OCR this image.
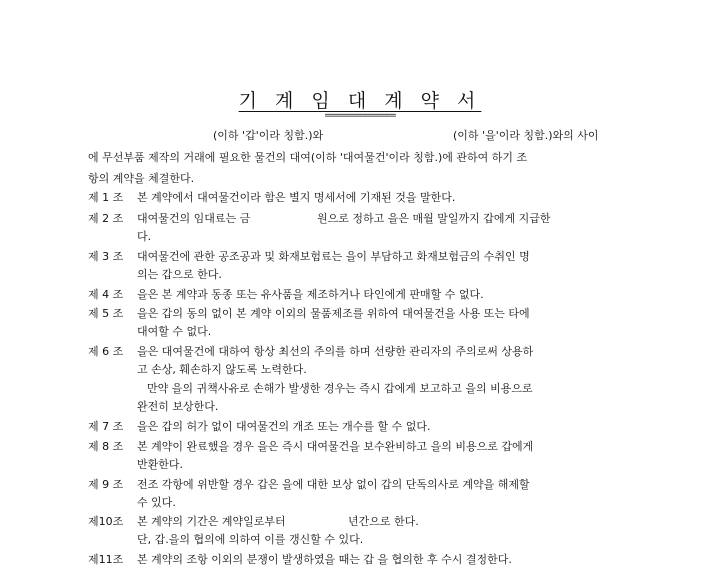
기 계 임 대 계 약 서
================
(이하 '갑'이라 칭함.)와	(이하 '을'이라 칭함.)와의 사이
에 무선부품 제작의 거래에 필요한 물건의 대여(이하 '대여물건'이라 칭함.)에 관하여 하기 조
항의 계약을 체결한다.
제 1 조 본 계약에서 대여물건이라 함은 별지 명세서에 기재된 것을 말한다.
제 2 조 대여물건의 임대료는 금	원으로 정하고 을은 매월 말일까지 갑에게 지급한
다.
제 3 조 대여물건에 관한 공조공과 및 화재보험료는 을이 부담하고 화재보험금의 수취인 명
의는 갑으로 한다.
제 4 조 을은 본 계약과 동종 또는 유사품을 제조하거나 타인에게 판매할 수 없다.
제 5 조 을은 갑의 동의 없이 본 계약 이외의 물품제조를 위하여 대여물건을 사용 또는 타에
대여할 수 없다.
제 6 조 을은 대여물건에 대하여 항상 최선의 주의를 하며 선량한 관리자의 주의로써 상용하
고 손상, 훼손하지 않도록 노력한다.
만약 을의 귀책사유로 손해가 발생한 경우는 즉시 갑에게 보고하고 을의 비용으로
완전히 보상한다.
제 7 조 을은 갑의 허가 없이 대여물건의 개조 또는 개수를 할 수 없다.
제 8 조 본 계약이 완료했을 경우 을은 즉시 대여물건을 보수완비하고 을의 비용으로 갑에게
반환한다.
제 9 조 전조 각항에 위반할 경우 갑은 을에 대한 보상 없이 갑의 단독의사로 계약을 해제할
수 있다.
제10조 본 계약의 기간은 계약일로부터	년간으로 한다.
단, 갑.을의 협의에 의하여 이를 갱신할 수 있다.
제11조 본 계약의 조항 이외의 분쟁이 발생하였을 때는 갑 을 협의한 후 수시 결정한다.
